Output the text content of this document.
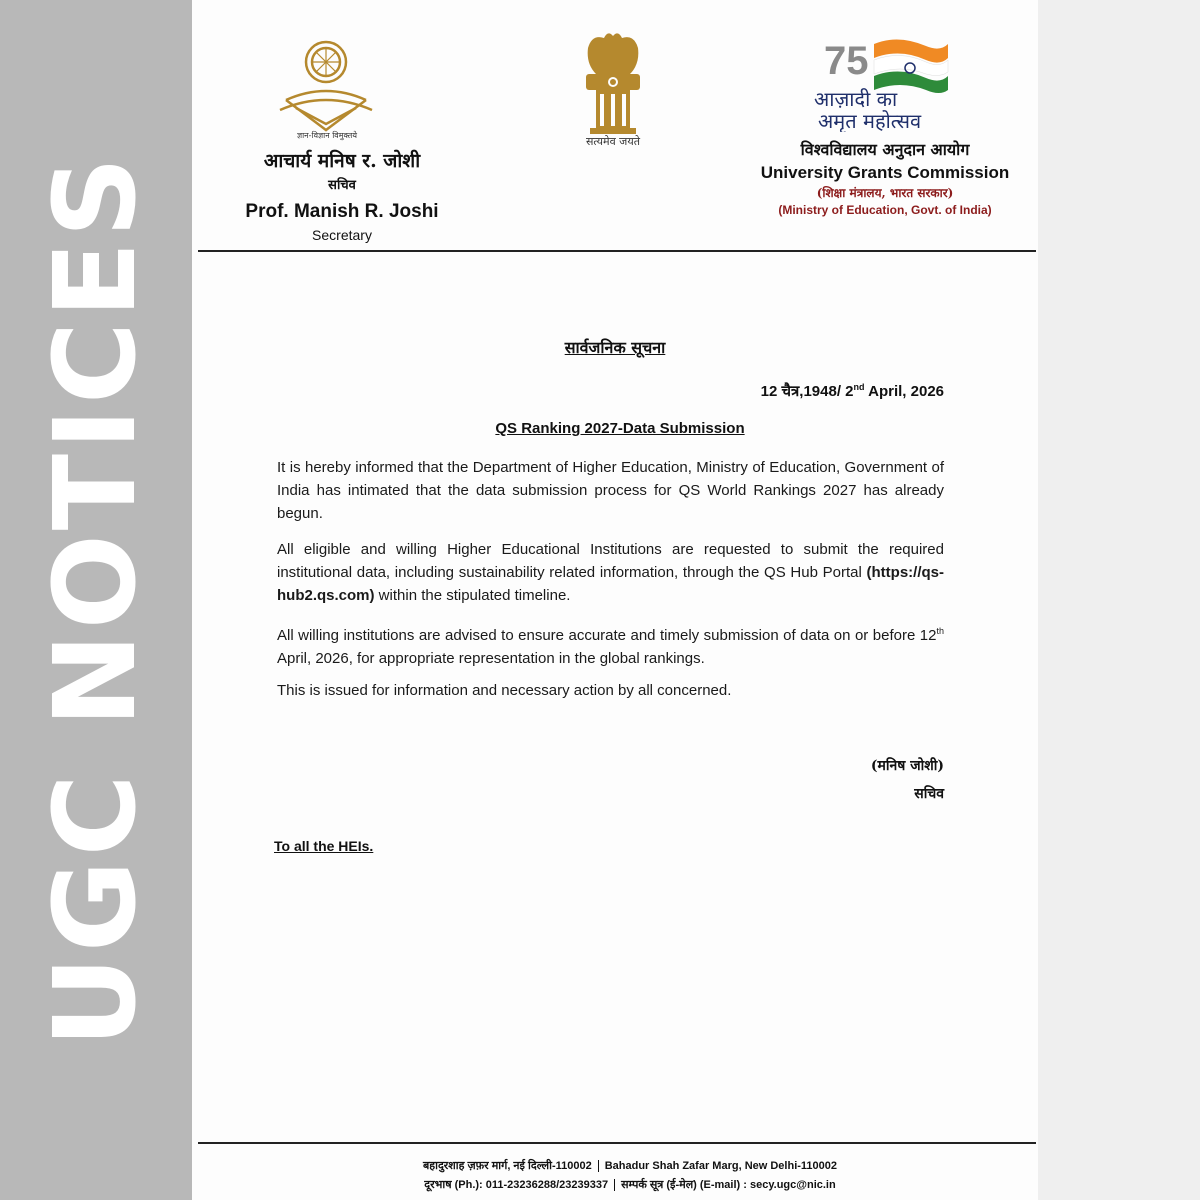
UGC NOTICES
ज्ञान-विज्ञान विमुक्तये	सत्यमेव जयते
75
आज़ादी का
अमृत महोत्सव
आचार्य मनिष र. जोशी
सचिव
Prof. Manish R. Joshi
Secretary
विश्वविद्यालय अनुदान आयोग
University Grants Commission
(शिक्षा मंत्रालय, भारत सरकार)
(Ministry of Education, Govt. of India)
सार्वजनिक सूचना
12 चैत्र,1948/ 2nd April, 2026
QS Ranking 2027-Data Submission

It is hereby informed that the Department of Higher Education, Ministry of Education, Government of India has intimated that the data submission process for QS World Rankings 2027 has already begun.

All eligible and willing Higher Educational Institutions are requested to submit the required institutional data, including sustainability related information, through the QS Hub Portal (https://qs-hub2.qs.com) within the stipulated timeline.

All willing institutions are advised to ensure accurate and timely submission of data on or before 12th April, 2026, for appropriate representation in the global rankings.

This is issued for information and necessary action by all concerned.

(मनिष जोशी)
सचिव
To all the HEIs.
बहादुरशाह ज़फ़र मार्ग, नई दिल्ली-110002 Bahadur Shah Zafar Marg, New Delhi-110002
दूरभाष (Ph.): 011-23236288/23239337 सम्पर्क सूत्र (ई-मेल) (E-mail) : secy.ugc@nic.in
